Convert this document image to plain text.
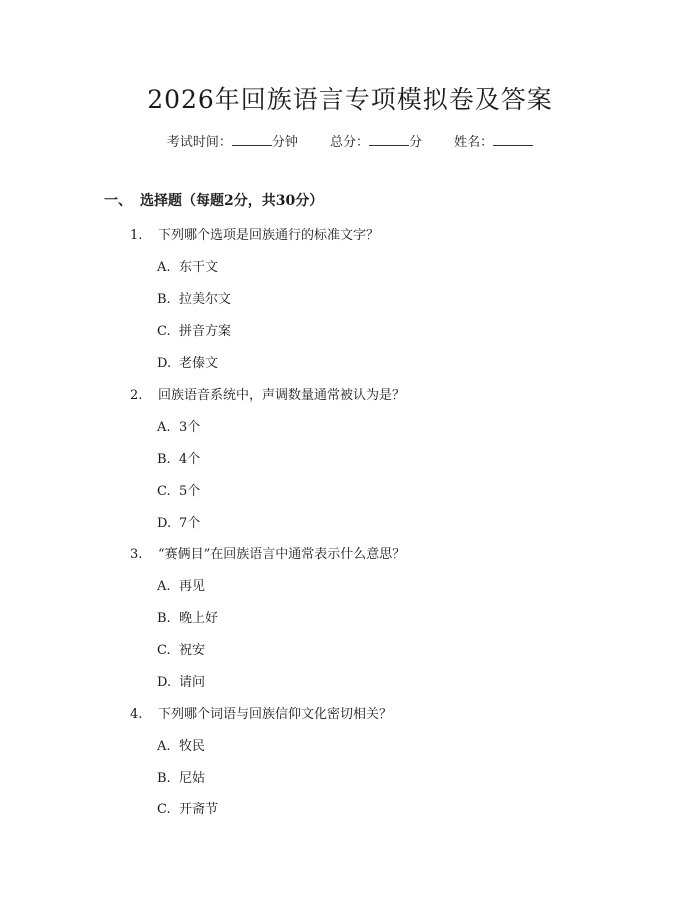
2026年回族语言专项模拟卷及答案
考试时间：	分钟 总分：	分 姓名：
一、 选择题（每题2分，共30分）
1. 下列哪个选项是回族通行的标准文字？
A. 东干文
B. 拉美尔文
C. 拼音方案
D. 老傣文
2. 回族语音系统中，声调数量通常被认为是？
A. 3个
B. 4个
C. 5个
D. 7个
3. “赛俩目”在回族语言中通常表示什么意思？
A. 再见
B. 晚上好
C. 祝安
D. 请问
4. 下列哪个词语与回族信仰文化密切相关？
A. 牧民
B. 尼姑
C. 开斋节
